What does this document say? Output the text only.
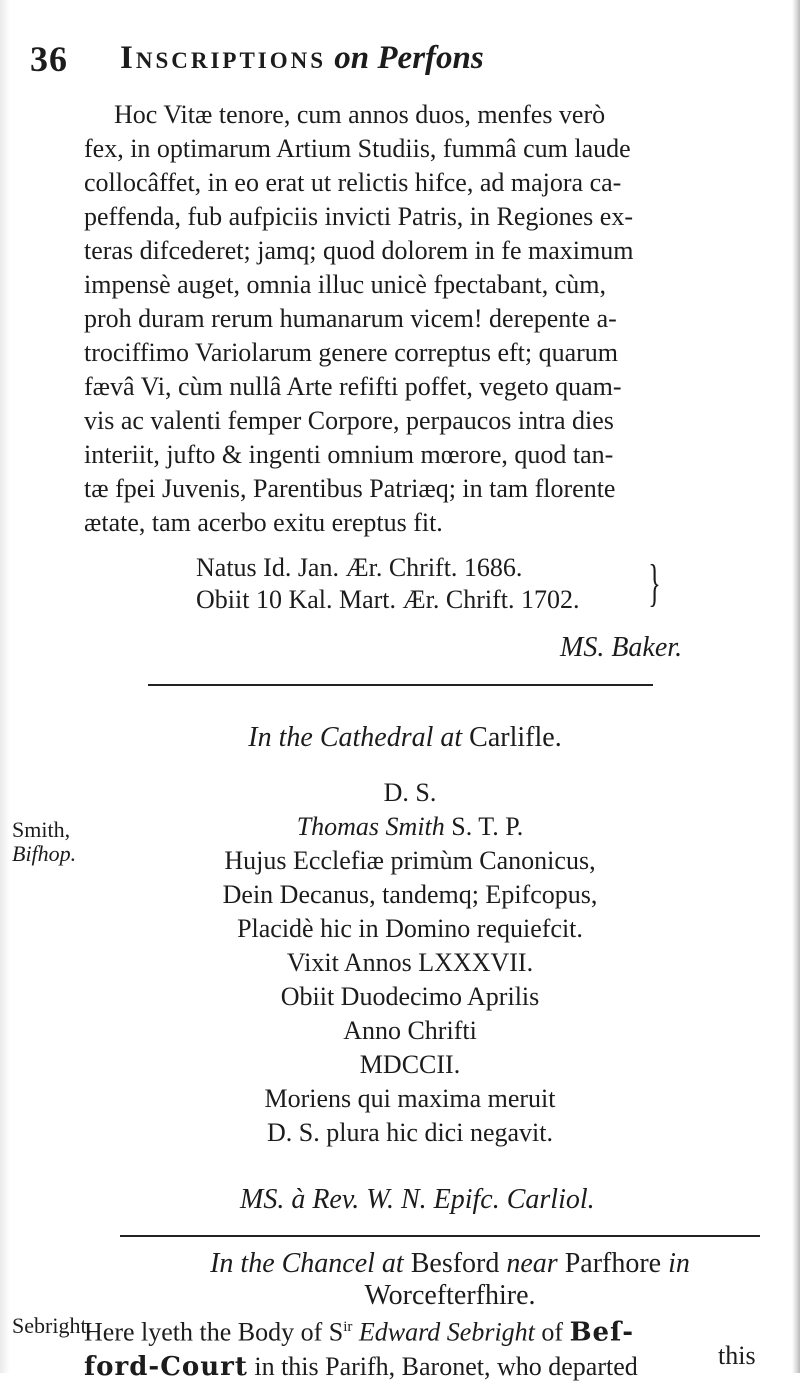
36 Inscriptions on Perfons
Hoc Vitæ tenore, cum annos duos, menfes verò
fex, in optimarum Artium Studiis, fummâ cum laude
collocâffet, in eo erat ut relictis hifce, ad majora ca-
peffenda, fub aufpiciis invicti Patris, in Regiones ex-
teras difcederet; jamq; quod dolorem in fe maximum
impensè auget, omnia illuc unicè fpectabant, cùm,
proh duram rerum humanarum vicem! derepente a-
trociffimo Variolarum genere correptus eft; quarum
fævâ Vi, cùm nullâ Arte refifti poffet, vegeto quam-
vis ac valenti femper Corpore, perpaucos intra dies
interiit, jufto & ingenti omnium mœrore, quod tan-
tæ fpei Juvenis, Parentibus Patriæq; in tam florente
ætate, tam acerbo exitu ereptus fit.
Natus Id. Jan. Ær. Chrift. 1686.
Obiit 10 Kal. Mart. Ær. Chrift. 1702.	}
MS. Baker.
In the Cathedral at Carlifle.
Smith,
Bifhop.
D. S.
Thomas Smith S. T. P.
Hujus Ecclefiæ primùm Canonicus,
Dein Decanus, tandemq; Epifcopus,
Placidè hic in Domino requiefcit.
Vixit Annos LXXXVII.
Obiit Duodecimo Aprilis
Anno Chrifti
MDCCII.
Moriens qui maxima meruit
D. S. plura hic dici negavit.
MS. à Rev. W. N. Epifc. Carliol.
In the Chancel at Besford near Parfhore in
Worcefterfhire.
Sebright.
Here lyeth the Body of $S^{ir}$ Edward Sebright of Beſ-
ford-Court in this Parifh, Baronet, who departed	this
